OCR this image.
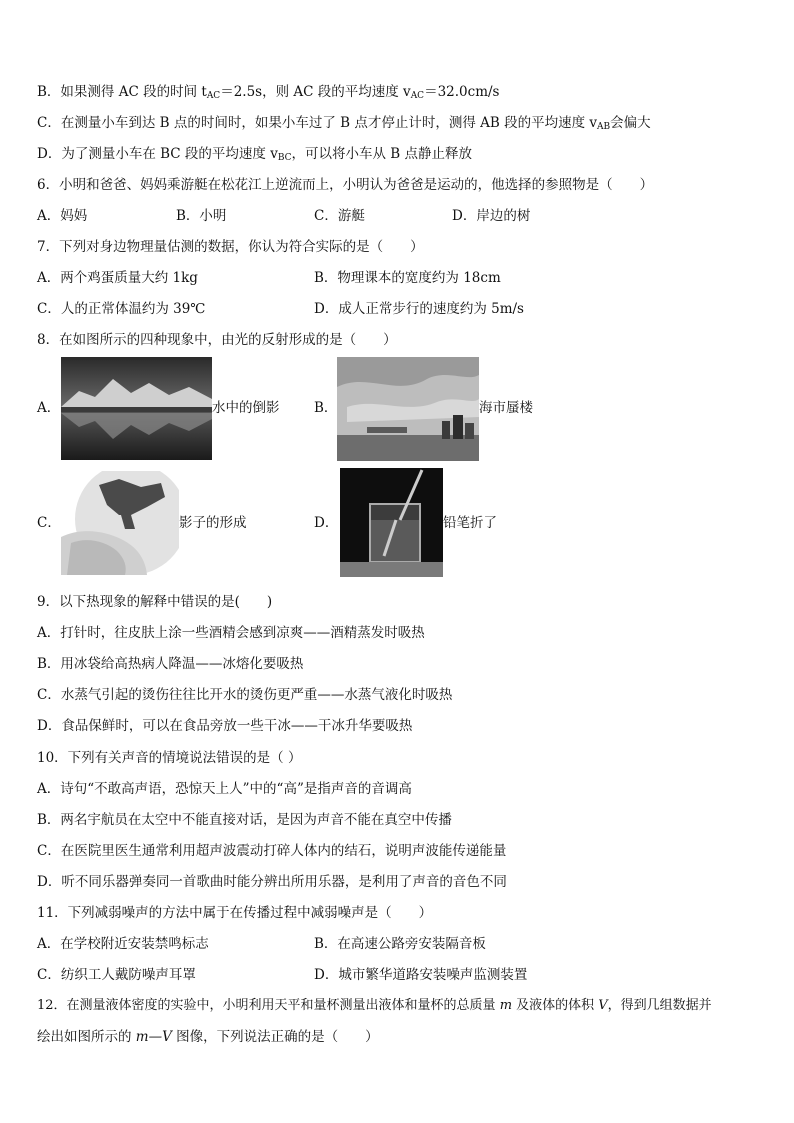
B．如果测得 AC 段的时间 $t_{AC}=2.5s$，则 AC 段的平均速度 $v_{AC}=32.0cm/s$
C．在测量小车到达 B 点的时间时，如果小车过了 B 点才停止计时，测得 AB 段的平均速度 $v_{AB}$会偏大
D．为了测量小车在 BC 段的平均速度 $v_{BC}$，可以将小车从 B 点静止释放
6．小明和爸爸、妈妈乘游艇在松花江上逆流而上，小明认为爸爸是运动的，他选择的参照物是（　　）
A．妈妈	B．小明	C．游艇	D．岸边的树
7．下列对身边物理量估测的数据，你认为符合实际的是（　　）
A．两个鸡蛋质量大约 1kg	B．物理课本的宽度约为 18cm
C．人的正常体温约为 39℃	D．成人正常步行的速度约为 5m/s
8．在如图所示的四种现象中，由光的反射形成的是（　　）
A．	水中的倒影	B．	海市蜃楼
C．	影子的形成	D．	铅笔折了
9．以下热现象的解释中错误的是(　　)
A．打针时，往皮肤上涂一些酒精会感到凉爽——酒精蒸发时吸热
B．用冰袋给高热病人降温——冰熔化要吸热
C．水蒸气引起的烫伤往往比开水的烫伤更严重——水蒸气液化时吸热
D．食品保鲜时，可以在食品旁放一些干冰——干冰升华要吸热
10．下列有关声音的情境说法错误的是（ ）
A．诗句“不敢高声语，恐惊天上人”中的“高”是指声音的音调高
B．两名宇航员在太空中不能直接对话，是因为声音不能在真空中传播
C．在医院里医生通常利用超声波震动打碎人体内的结石，说明声波能传递能量
D．听不同乐器弹奏同一首歌曲时能分辨出所用乐器，是利用了声音的音色不同
11．下列减弱噪声的方法中属于在传播过程中减弱噪声是（　　）
A．在学校附近安装禁鸣标志	B．在高速公路旁安装隔音板
C．纺织工人戴防噪声耳罩	D．城市繁华道路安装噪声监测装置
12．在测量液体密度的实验中，小明利用天平和量杯测量出液体和量杯的总质量 m 及液体的体积 V，得到几组数据并
绘出如图所示的 m—V 图像，下列说法正确的是（　　）
